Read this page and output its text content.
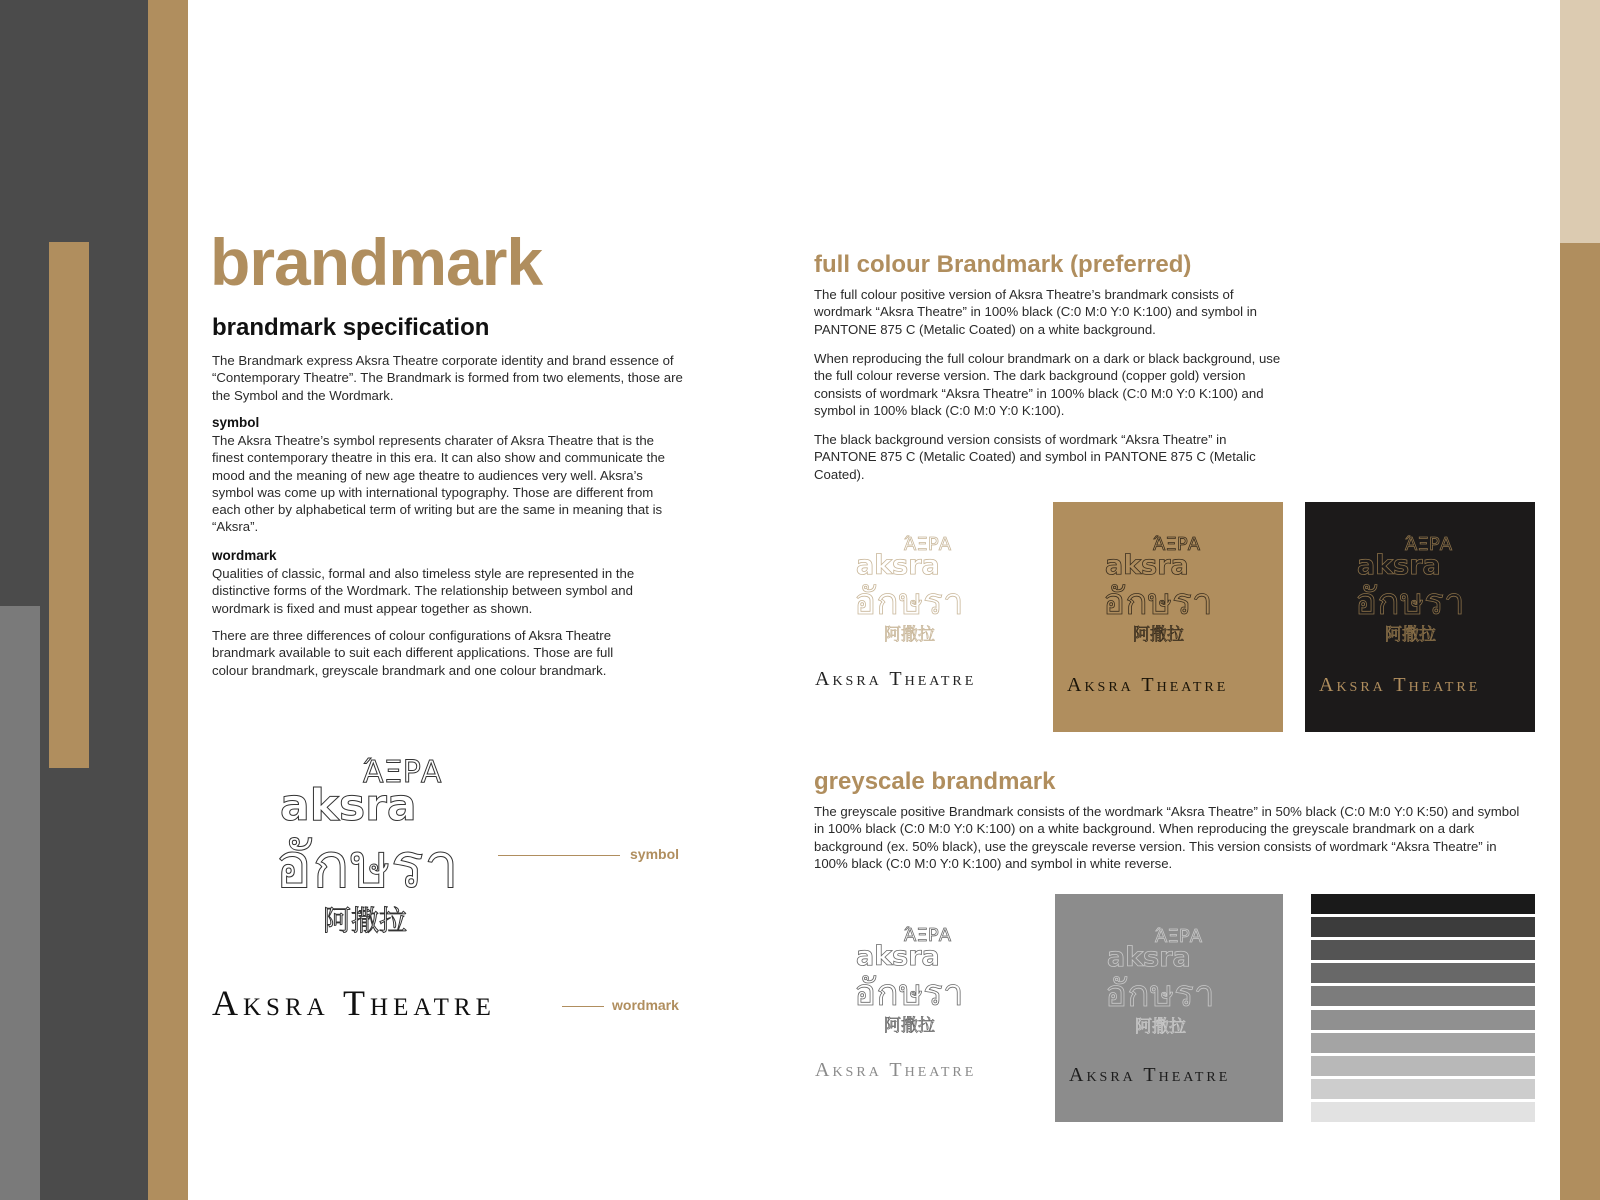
brandmark
brandmark specification

The Brandmark express Aksra Theatre corporate identity and brand essence of “Contemporary Theatre”. The Brandmark is formed from two elements, those are the Symbol and the Wordmark.

symbol

The Aksra Theatre’s symbol represents charater of Aksra Theatre that is the finest contemporary theatre in this era. It can also show and communicate the mood and the meaning of new age theatre to audiences very well. Aksra’s symbol was come up with international typography. Those are different from each other by alphabetical term of writing but are the same in meaning that is “Aksra”.

wordmark

Qualities of classic, formal and also timeless style are represented in the distinctive forms of the Wordmark. The relationship between symbol and wordmark is fixed and must appear together as shown.

There are three differences of colour configurations of Aksra Theatre brandmark available to suit each different applications. Those are full colour brandmark, greyscale brandmark and one colour brandmark.

ΆΞΡΑ
aksra
อักษรา
阿撒拉
symbol
Aksra Theatre	wordmark
full colour Brandmark (preferred)

The full colour positive version of Aksra Theatre’s brandmark consists of wordmark “Aksra Theatre” in 100% black (C:0 M:0 Y:0 K:100) and symbol in PANTONE 875 C (Metalic Coated) on a white background.

When reproducing the full colour brandmark on a dark or black background, use the full colour reverse version. The dark background (copper gold) version consists of wordmark “Aksra Theatre” in 100% black (C:0 M:0 Y:0 K:100) and symbol in 100% black (C:0 M:0 Y:0 K:100).

The black background version consists of wordmark “Aksra Theatre” in PANTONE 875 C (Metalic Coated) and symbol in PANTONE 875 C (Metalic Coated).

ΆΞΡΑ
aksra
อักษรา
阿撒拉
Aksra Theatre
ΆΞΡΑ
aksra
อักษรา
阿撒拉
Aksra Theatre
ΆΞΡΑ
aksra
อักษรา
阿撒拉
Aksra Theatre
greyscale brandmark

The greyscale positive Brandmark consists of the wordmark “Aksra Theatre” in 50% black (C:0 M:0 Y:0 K:50) and symbol in 100% black (C:0 M:0 Y:0 K:100) on a white background. When reproducing the greyscale brandmark on a dark background (ex. 50% black), use the greyscale reverse version. This version consists of wordmark “Aksra Theatre” in 100% black (C:0 M:0 Y:0 K:100) and symbol in white reverse.

ΆΞΡΑ
aksra
อักษรา
阿撒拉
Aksra Theatre
ΆΞΡΑ
aksra
อักษรา
阿撒拉
Aksra Theatre
